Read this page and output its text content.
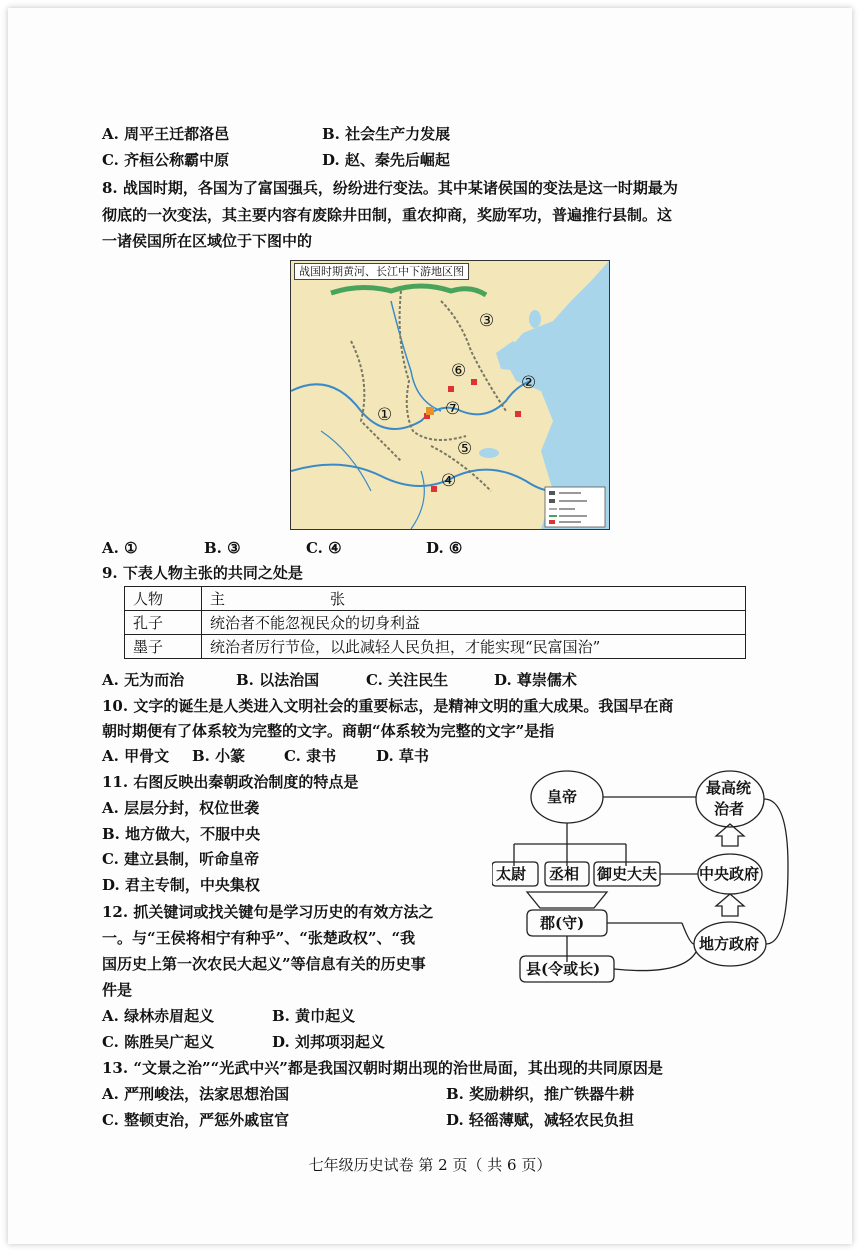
A. 周平王迁都洛邑	B. 社会生产力发展
C. 齐桓公称霸中原	D. 赵、秦先后崛起
8. 战国时期，各国为了富国强兵，纷纷进行变法。其中某诸侯国的变法是这一时期最为
彻底的一次变法，其主要内容有废除井田制，重农抑商，奖励军功，普遍推行县制。这
一诸侯国所在区域位于下图中的
战国时期黄河、长江中下游地区图
①
②
③
④
⑤
⑥
⑦
A. ①	B. ③	C. ④	D. ⑥
9. 下表人物主张的共同之处是
人物	主　　　　　　　张
孔子	统治者不能忽视民众的切身利益
墨子	统治者厉行节俭，以此减轻人民负担，才能实现“民富国治”
A. 无为而治	B. 以法治国	C. 关注民生	D. 尊崇儒术
10. 文字的诞生是人类进入文明社会的重要标志，是精神文明的重大成果。我国早在商
朝时期便有了体系较为完整的文字。商朝“体系较为完整的文字”是指
A. 甲骨文 B. 小篆	C. 隶书	D. 草书
11. 右图反映出秦朝政治制度的特点是
A. 层层分封，权位世袭
B. 地方做大，不服中央
C. 建立县制，听命皇帝
D. 君主专制，中央集权
皇帝
太尉 丞相 御史大夫
郡(守)
县(令或长)
最高统
治者
中央政府
地方政府
12. 抓关键词或找关键句是学习历史的有效方法之
一。与“王侯将相宁有种乎”、“张楚政权”、“我
国历史上第一次农民大起义”等信息有关的历史事
件是
A. 绿林赤眉起义	B. 黄巾起义
C. 陈胜吴广起义	D. 刘邦项羽起义
13. “文景之治”“光武中兴”都是我国汉朝时期出现的治世局面，其出现的共同原因是
A. 严刑峻法，法家思想治国	B. 奖励耕织，推广铁器牛耕
C. 整顿吏治，严惩外戚宦官	D. 轻徭薄赋，减轻农民负担
七年级历史试卷 第 2 页（ 共 6 页）
